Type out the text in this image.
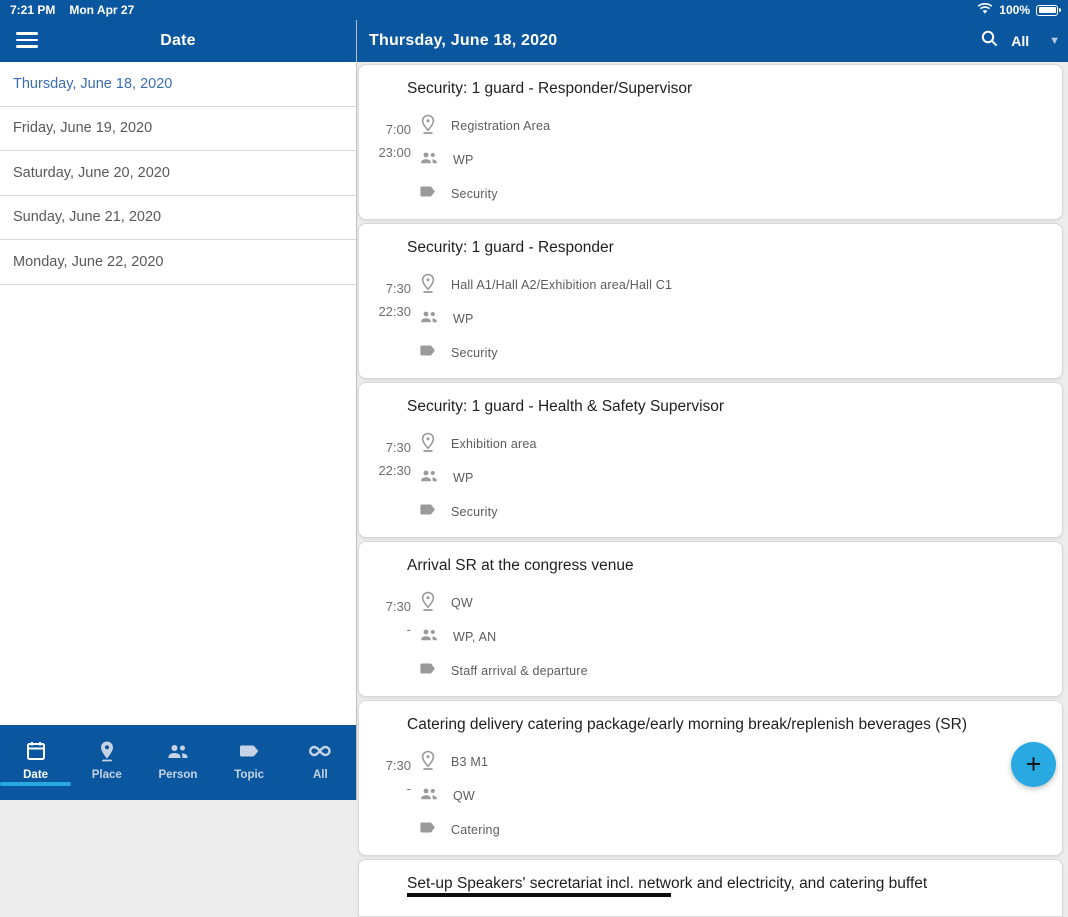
7:21 PM Mon Apr 27	100%
Date
Thursday, June 18, 2020
Friday, June 19, 2020
Saturday, June 20, 2020
Sunday, June 21, 2020
Monday, June 22, 2020
Date	Place	Person	Topic	All
Thursday, June 18, 2020	All ▼
Security: 1 guard - Responder/Supervisor
7:00
23:00
Registration Area
WP
Security
Security: 1 guard - Responder
7:30
22:30
Hall A1/Hall A2/Exhibition area/Hall C1
WP
Security
Security: 1 guard - Health & Safety Supervisor
7:30
22:30
Exhibition area
WP
Security
Arrival SR at the congress venue
7:30
-
QW
WP, AN
Staff arrival & departure
Catering delivery catering package/early morning break/replenish beverages (SR)
7:30
-
B3 M1
QW
Catering
Set-up Speakers' secretariat incl. network and electricity, and catering buffet
+
